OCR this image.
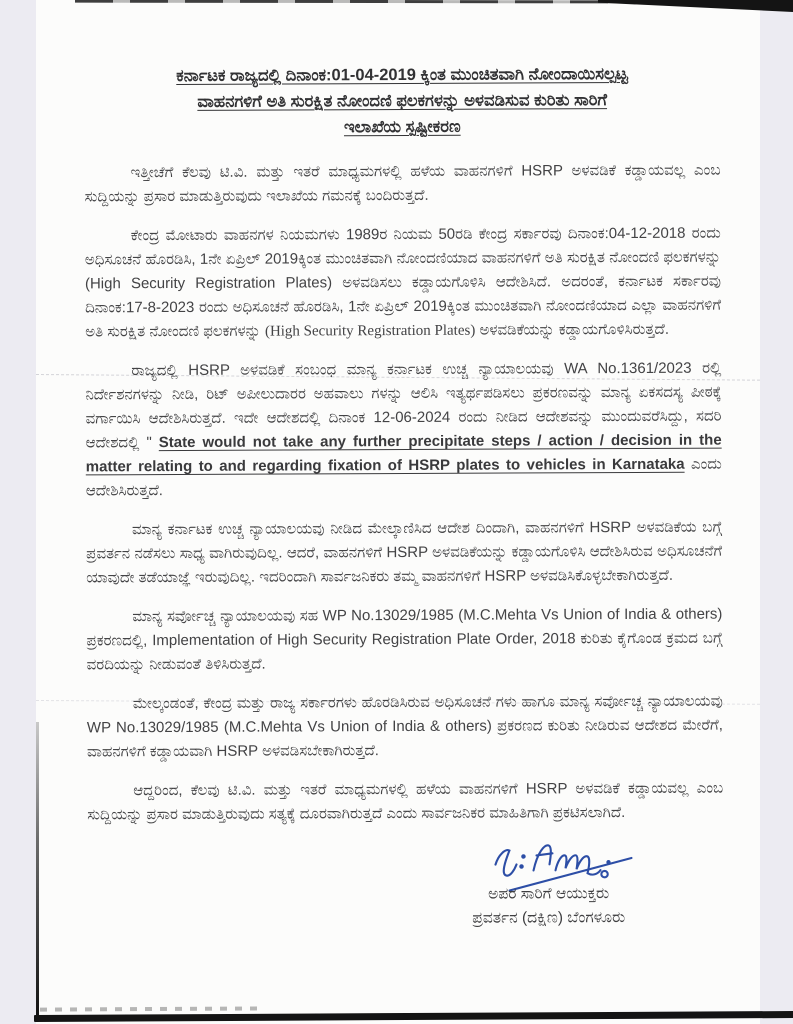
ಕರ್ನಾಟಕ ರಾಜ್ಯದಲ್ಲಿ ದಿನಾಂಕ:01-04-2019 ಕ್ಕಿಂತ ಮುಂಚಿತವಾಗಿ ನೋಂದಾಯಿಸಲ್ಪಟ್ಟ
ವಾಹನಗಳಿಗೆ ಅತಿ ಸುರಕ್ಷಿತ ನೋಂದಣಿ ಫಲಕಗಳನ್ನು ಅಳವಡಿಸುವ ಕುರಿತು ಸಾರಿಗೆ
ಇಲಾಖೆಯ ಸ್ಪಷ್ಟೀಕರಣ

ಇತ್ತೀಚೆಗೆ ಕೆಲವು ಟಿ.ವಿ. ಮತ್ತು ಇತರೆ ಮಾಧ್ಯಮಗಳಲ್ಲಿ ಹಳೆಯ ವಾಹನಗಳಿಗೆ HSRP ಅಳವಡಿಕೆ ಕಡ್ಡಾಯವಲ್ಲ ಎಂಬ ಸುದ್ದಿಯನ್ನು ಪ್ರಸಾರ ಮಾಡುತ್ತಿರುವುದು ಇಲಾಖೆಯ ಗಮನಕ್ಕೆ ಬಂದಿರುತ್ತದೆ.

ಕೇಂದ್ರ ಮೋಟಾರು ವಾಹನಗಳ ನಿಯಮಗಳು 1989ರ ನಿಯಮ 50ರಡಿ ಕೇಂದ್ರ ಸರ್ಕಾರವು ದಿನಾಂಕ:04-12-2018 ರಂದು ಅಧಿಸೂಚನೆ ಹೊರಡಿಸಿ, 1ನೇ ಏಪ್ರಿಲ್ 2019ಕ್ಕಿಂತ ಮುಂಚಿತವಾಗಿ ನೋಂದಣಿಯಾದ ವಾಹನಗಳಿಗೆ ಅತಿ ಸುರಕ್ಷಿತ ನೋಂದಣಿ ಫಲಕಗಳನ್ನು (High Security Registration Plates) ಅಳವಡಿಸಲು ಕಡ್ಡಾಯಗೊಳಿಸಿ ಆದೇಶಿಸಿದೆ. ಅದರಂತೆ, ಕರ್ನಾಟಕ ಸರ್ಕಾರವು ದಿನಾಂಕ:17-8-2023 ರಂದು ಅಧಿಸೂಚನೆ ಹೊರಡಿಸಿ, 1ನೇ ಏಪ್ರಿಲ್ 2019ಕ್ಕಿಂತ ಮುಂಚಿತವಾಗಿ ನೋಂದಣಿಯಾದ ಎಲ್ಲಾ ವಾಹನಗಳಿಗೆ ಅತಿ ಸುರಕ್ಷಿತ ನೋಂದಣಿ ಫಲಕಗಳನ್ನು (High Security Registration Plates) ಅಳವಡಿಕೆಯನ್ನು ಕಡ್ಡಾಯಗೊಳಿಸಿರುತ್ತದೆ.

ರಾಜ್ಯದಲ್ಲಿ HSRP ಅಳವಡಿಕೆ ಸಂಬಂಧ ಮಾನ್ಯ ಕರ್ನಾಟಕ ಉಚ್ಚ ನ್ಯಾಯಾಲಯವು WA No.1361/2023 ರಲ್ಲಿ ನಿರ್ದೇಶನಗಳನ್ನು ನೀಡಿ, ರಿಟ್ ಅಪೀಲುದಾರರ ಅಹವಾಲು ಗಳನ್ನು ಆಲಿಸಿ ಇತ್ಯರ್ಥಪಡಿಸಲು ಪ್ರಕರಣವನ್ನು ಮಾನ್ಯ ಏಕಸದಸ್ಯ ಪೀಠಕ್ಕೆ ವರ್ಗಾಯಿಸಿ ಆದೇಶಿಸಿರುತ್ತದೆ. ಇದೇ ಆದೇಶದಲ್ಲಿ ದಿನಾಂಕ 12-06-2024 ರಂದು ನೀಡಿದ ಆದೇಶವನ್ನು ಮುಂದುವರೆಸಿದ್ದು, ಸದರಿ ಆದೇಶದಲ್ಲಿ " State would not take any further precipitate steps / action / decision in the matter relating to and regarding fixation of HSRP plates to vehicles in Karnataka ಎಂದು ಆದೇಶಿಸಿರುತ್ತದೆ.

ಮಾನ್ಯ ಕರ್ನಾಟಕ ಉಚ್ಚ ನ್ಯಾಯಾಲಯವು ನೀಡಿದ ಮೇಲ್ಕಾಣಿಸಿದ ಆದೇಶ ದಿಂದಾಗಿ, ವಾಹನಗಳಿಗೆ HSRP ಅಳವಡಿಕೆಯ ಬಗ್ಗೆ ಪ್ರವರ್ತನ ನಡೆಸಲು ಸಾಧ್ಯ ವಾಗಿರುವುದಿಲ್ಲ. ಆದರೆ, ವಾಹನಗಳಿಗೆ HSRP ಅಳವಡಿಕೆಯನ್ನು ಕಡ್ಡಾಯಗೊಳಿಸಿ ಆದೇಶಿಸಿರುವ ಅಧಿಸೂಚನೆಗೆ ಯಾವುದೇ ತಡೆಯಾಜ್ಞೆ ಇರುವುದಿಲ್ಲ. ಇದರಿಂದಾಗಿ ಸಾರ್ವಜನಿಕರು ತಮ್ಮ ವಾಹನಗಳಿಗೆ HSRP ಅಳವಡಿಸಿಕೊಳ್ಳಬೇಕಾಗಿರುತ್ತದೆ.

ಮಾನ್ಯ ಸರ್ವೋಚ್ಚ ನ್ಯಾಯಾಲಯವು ಸಹ WP No.13029/1985 (M.C.Mehta Vs Union of India & others) ಪ್ರಕರಣದಲ್ಲಿ, Implementation of High Security Registration Plate Order, 2018 ಕುರಿತು ಕೈಗೊಂಡ ಕ್ರಮದ ಬಗ್ಗೆ ವರದಿಯನ್ನು ನೀಡುವಂತೆ ತಿಳಿಸಿರುತ್ತದೆ.

ಮೇಲ್ಕಂಡಂತೆ, ಕೇಂದ್ರ ಮತ್ತು ರಾಜ್ಯ ಸರ್ಕಾರಗಳು ಹೊರಡಿಸಿರುವ ಅಧಿಸೂಚನೆ ಗಳು ಹಾಗೂ ಮಾನ್ಯ ಸರ್ವೋಚ್ಚ ನ್ಯಾಯಾಲಯವು WP No.13029/1985 (M.C.Mehta Vs Union of India & others) ಪ್ರಕರಣದ ಕುರಿತು ನೀಡಿರುವ ಆದೇಶದ ಮೇರೆಗೆ, ವಾಹನಗಳಿಗೆ ಕಡ್ಡಾಯವಾಗಿ HSRP ಅಳವಡಿಸಬೇಕಾಗಿರುತ್ತದೆ.

ಆದ್ದರಿಂದ, ಕೆಲವು ಟಿ.ವಿ. ಮತ್ತು ಇತರೆ ಮಾಧ್ಯಮಗಳಲ್ಲಿ ಹಳೆಯ ವಾಹನಗಳಿಗೆ HSRP ಅಳವಡಿಕೆ ಕಡ್ಡಾಯವಲ್ಲ ಎಂಬ ಸುದ್ದಿಯನ್ನು ಪ್ರಸಾರ ಮಾಡುತ್ತಿರುವುದು ಸತ್ಯಕ್ಕೆ ದೂರವಾಗಿರುತ್ತದೆ ಎಂದು ಸಾರ್ವಜನಿಕರ ಮಾಹಿತಿಗಾಗಿ ಪ್ರಕಟಿಸಲಾಗಿದೆ.

ಅಪರ ಸಾರಿಗೆ ಆಯುಕ್ತರು
ಪ್ರವರ್ತನ (ದಕ್ಷಿಣ) ಬೆಂಗಳೂರು
